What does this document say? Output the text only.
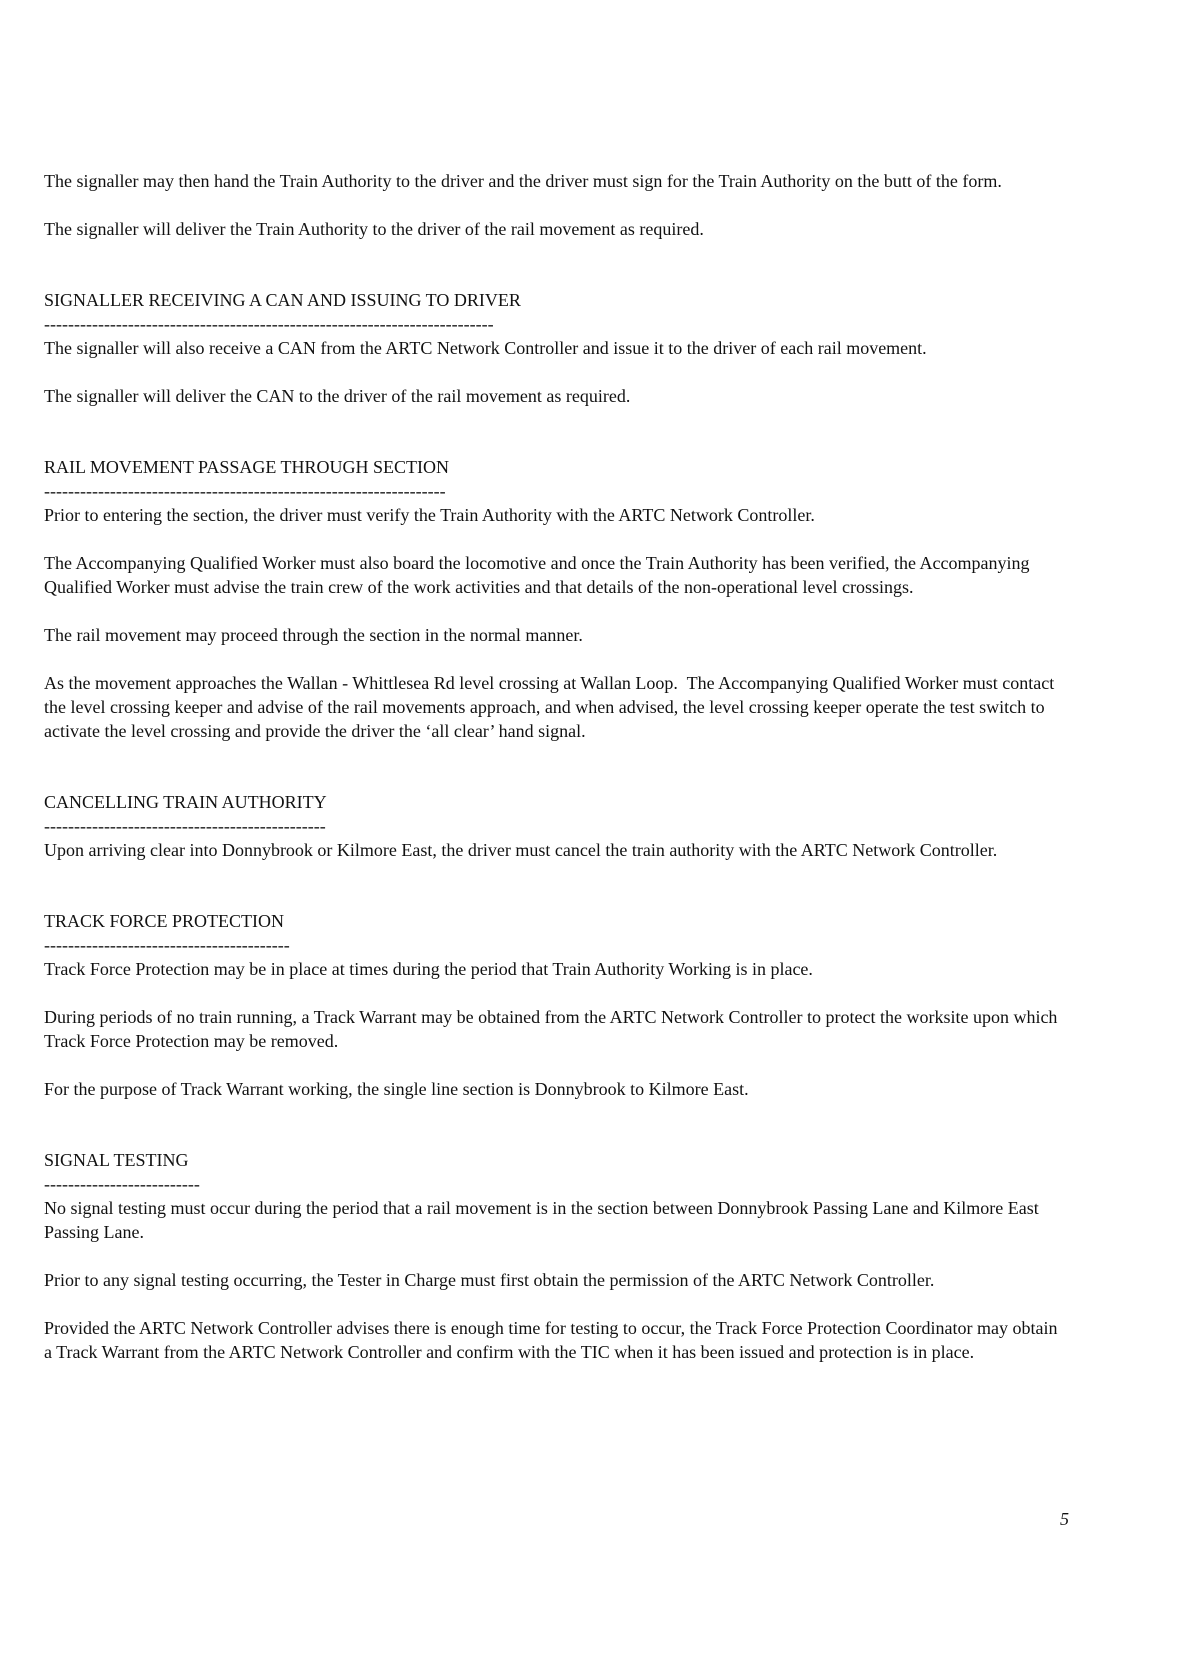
The signaller may then hand the Train Authority to the driver and the driver must sign for the Train Authority on the butt of the form.

The signaller will deliver the Train Authority to the driver of the rail movement as required.

SIGNALLER RECEIVING A CAN AND ISSUING TO DRIVER

---------------------------------------------------------------------------

The signaller will also receive a CAN from the ARTC Network Controller and issue it to the driver of each rail movement.

The signaller will deliver the CAN to the driver of the rail movement as required.

RAIL MOVEMENT PASSAGE THROUGH SECTION

-------------------------------------------------------------------

Prior to entering the section, the driver must verify the Train Authority with the ARTC Network Controller.

The Accompanying Qualified Worker must also board the locomotive and once the Train Authority has been verified, the Accompanying Qualified Worker must advise the train crew of the work activities and that details of the non-operational level crossings.

The rail movement may proceed through the section in the normal manner.

As the movement approaches the Wallan - Whittlesea Rd level crossing at Wallan Loop.  The Accompanying Qualified Worker must contact the level crossing keeper and advise of the rail movements approach, and when advised, the level crossing keeper operate the test switch to activate the level crossing and provide the driver the ‘all clear’ hand signal.

CANCELLING TRAIN AUTHORITY

-----------------------------------------------

Upon arriving clear into Donnybrook or Kilmore East, the driver must cancel the train authority with the ARTC Network Controller.

TRACK FORCE PROTECTION

-----------------------------------------

Track Force Protection may be in place at times during the period that Train Authority Working is in place.

During periods of no train running, a Track Warrant may be obtained from the ARTC Network Controller to protect the worksite upon which Track Force Protection may be removed.

For the purpose of Track Warrant working, the single line section is Donnybrook to Kilmore East.

SIGNAL TESTING

--------------------------

No signal testing must occur during the period that a rail movement is in the section between Donnybrook Passing Lane and Kilmore East Passing Lane.

Prior to any signal testing occurring, the Tester in Charge must first obtain the permission of the ARTC Network Controller.

Provided the ARTC Network Controller advises there is enough time for testing to occur, the Track Force Protection Coordinator may obtain a Track Warrant from the ARTC Network Controller and confirm with the TIC when it has been issued and protection is in place.

5
